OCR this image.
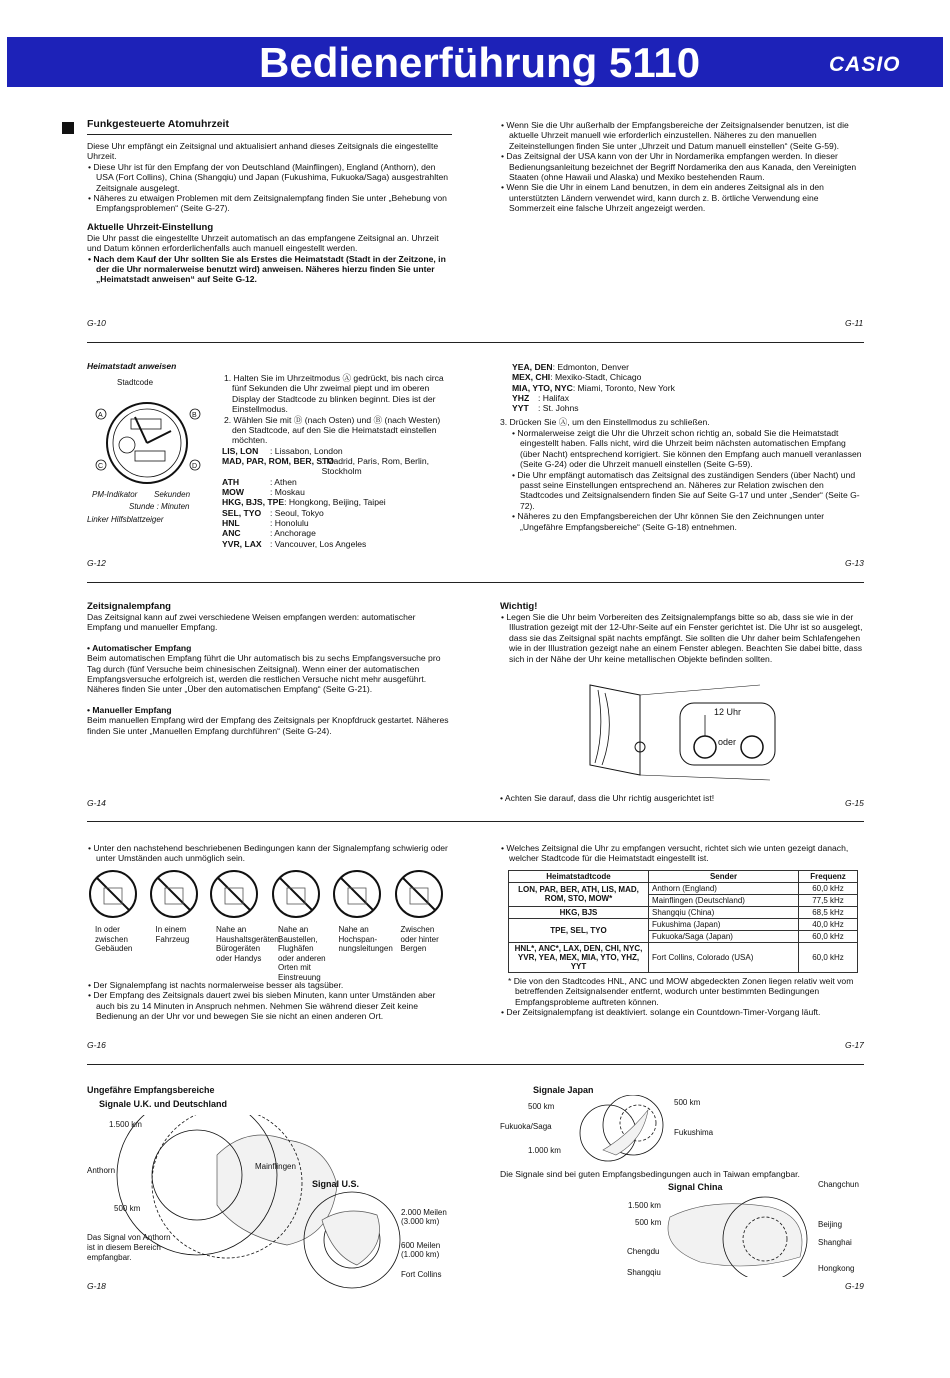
Bedienerführung 5110	CASIO
Funkgesteuerte Atomuhrzeit
Diese Uhr empfängt ein Zeitsignal und aktualisiert anhand dieses Zeitsignals die eingestellte Uhrzeit.
• Diese Uhr ist für den Empfang der von Deutschland (Mainflingen), England (Anthorn), den USA (Fort Collins), China (Shangqiu) und Japan (Fukushima, Fukuoka/Saga) ausgestrahlten Zeitsignale ausgelegt.
• Näheres zu etwaigen Problemen mit dem Zeitsignalempfang finden Sie unter „Behebung von Empfangsproblemen“ (Seite G-27).
Aktuelle Uhrzeit-Einstellung
Die Uhr passt die eingestellte Uhrzeit automatisch an das empfangene Zeitsignal an. Uhrzeit und Datum können erforderlichenfalls auch manuell eingestellt werden.
• Nach dem Kauf der Uhr sollten Sie als Erstes die Heimatstadt (Stadt in der Zeitzone, in der die Uhr normalerweise benutzt wird) anweisen. Näheres hierzu finden Sie unter „Heimatstadt anweisen“ auf Seite G-12.
G-10
• Wenn Sie die Uhr außerhalb der Empfangsbereiche der Zeitsignalsender benutzen, ist die aktuelle Uhrzeit manuell wie erforderlich einzustellen. Näheres zu den manuellen Zeiteinstellungen finden Sie unter „Uhrzeit und Datum manuell einstellen“ (Seite G-59).
• Das Zeitsignal der USA kann von der Uhr in Nordamerika empfangen werden. In dieser Bedienungsanleitung bezeichnet der Begriff Nordamerika den aus Kanada, den Vereinigten Staaten (ohne Hawaii und Alaska) und Mexiko bestehenden Raum.
• Wenn Sie die Uhr in einem Land benutzen, in dem ein anderes Zeitsignal als in den unterstützten Ländern verwendet wird, kann durch z. B. örtliche Verwendung eine Sommerzeit eine falsche Uhrzeit angezeigt werden.
G-11
Heimatstadt anweisen
Stadtcode
A	B
C	D
PM-Indikator Sekunden
Stunde : Minuten
Linker Hilfsblattzeiger
1. Halten Sie im Uhrzeitmodus Ⓐ gedrückt, bis nach circa fünf Sekunden die Uhr zweimal piept und im oberen Display der Stadtcode zu blinken beginnt. Dies ist der Einstellmodus.
2. Wählen Sie mit Ⓓ (nach Osten) und Ⓑ (nach Westen) den Stadtcode, auf den Sie die Heimatstadt einstellen möchten.
LIS, LON	: Lissabon, London
MAD, PAR, ROM, BER, STO
: Madrid, Paris, Rom, Berlin, Stockholm
ATH	: Athen
MOW	: Moskau
HKG, BJS, TPE : Hongkong, Beijing, Taipei
SEL, TYO	: Seoul, Tokyo
HNL	: Honolulu
ANC	: Anchorage
YVR, LAX : Vancouver, Los Angeles
G-12
YEA, DEN : Edmonton, Denver
MEX, CHI : Mexiko-Stadt, Chicago
MIA, YTO, NYC : Miami, Toronto, New York
YHZ	: Halifax
YYT	: St. Johns
3. Drücken Sie Ⓐ, um den Einstellmodus zu schließen.
• Normalerweise zeigt die Uhr die Uhrzeit schon richtig an, sobald Sie die Heimatstadt eingestellt haben. Falls nicht, wird die Uhrzeit beim nächsten automatischen Empfang (über Nacht) entsprechend korrigiert. Sie können den Empfang auch manuell veranlassen (Seite G-24) oder die Uhrzeit manuell einstellen (Seite G-59).
• Die Uhr empfängt automatisch das Zeitsignal des zuständigen Senders (über Nacht) und passt seine Einstellungen entsprechend an. Näheres zur Relation zwischen den Stadtcodes und Zeitsignalsendern finden Sie auf Seite G-17 und unter „Sender“ (Seite G-72).
• Näheres zu den Empfangsbereichen der Uhr können Sie den Zeichnungen unter „Ungefähre Empfangsbereiche“ (Seite G-18) entnehmen.
G-13
Zeitsignalempfang
Das Zeitsignal kann auf zwei verschiedene Weisen empfangen werden: automatischer Empfang und manueller Empfang.
• Automatischer Empfang
Beim automatischen Empfang führt die Uhr automatisch bis zu sechs Empfangsversuche pro Tag durch (fünf Versuche beim chinesischen Zeitsignal). Wenn einer der automatischen Empfangsversuche erfolgreich ist, werden die restlichen Versuche nicht mehr ausgeführt. Näheres finden Sie unter „Über den automatischen Empfang“ (Seite G-21).
• Manueller Empfang
Beim manuellen Empfang wird der Empfang des Zeitsignals per Knopfdruck gestartet. Näheres finden Sie unter „Manuellen Empfang durchführen“ (Seite G-24).
G-14
Wichtig!
• Legen Sie die Uhr beim Vorbereiten des Zeitsignalempfangs bitte so ab, dass sie wie in der Illustration gezeigt mit der 12-Uhr-Seite auf ein Fenster gerichtet ist. Die Uhr ist so ausgelegt, dass sie das Zeitsignal spät nachts empfängt. Sie sollten die Uhr daher beim Schlafengehen wie in der Illustration gezeigt nahe an einem Fenster ablegen. Beachten Sie dabei bitte, dass sich in der Nähe der Uhr keine metallischen Objekte befinden sollten.
12 Uhr
oder
• Achten Sie darauf, dass die Uhr richtig ausgerichtet ist!	G-15
• Unter den nachstehend beschriebenen Bedingungen kann der Signalempfang schwierig oder unter Umständen auch unmöglich sein.
In oder zwischen Gebäuden
In einem Fahrzeug
Nahe an Haushaltsgeräten, Bürogeräten oder Handys
Nahe an Baustellen, Flughäfen oder anderen Orten mit Einstreuung
Nahe an Hochspan-nungsleitungen
Zwischen oder hinter Bergen
• Der Signalempfang ist nachts normalerweise besser als tagsüber.
• Der Empfang des Zeitsignals dauert zwei bis sieben Minuten, kann unter Umständen aber auch bis zu 14 Minuten in Anspruch nehmen. Nehmen Sie während dieser Zeit keine Bedienung an der Uhr vor und bewegen Sie sie nicht an einen anderen Ort.
G-16
• Welches Zeitsignal die Uhr zu empfangen versucht, richtet sich wie unten gezeigt danach, welcher Stadtcode für die Heimatstadt eingestellt ist.
Heimatstadtcode	Sender	Frequenz
LON, PAR, BER, ATH, LIS, MAD, ROM, STO, MOW*	Anthorn (England)	60,0 kHz
	Mainflingen (Deutschland)	77,5 kHz
HKG, BJS	Shangqiu (China)	68,5 kHz
TPE, SEL, TYO	Fukushima (Japan)	40,0 kHz
	Fukuoka/Saga (Japan)	60,0 kHz
HNL*, ANC*, LAX, DEN, CHI, NYC, YVR, YEA, MEX, MIA, YTO, YHZ, YYT	Fort Collins, Colorado (USA)	60,0 kHz
* Die von den Stadtcodes HNL, ANC und MOW abgedeckten Zonen liegen relativ weit vom betreffenden Zeitsignalsender entfernt, wodurch unter bestimmten Bedingungen Empfangsprobleme auftreten können.
• Der Zeitsignalempfang ist deaktiviert. solange ein Countdown-Timer-Vorgang läuft.
G-17
Ungefähre Empfangsbereiche
Signale U.K. und Deutschland
1.500 km
Anthorn	Mainflingen
500 km
Das Signal von Anthorn
ist in diesem Bereich
empfangbar.
Signal U.S.
2.000 Meilen
(3.000 km)
600 Meilen
(1.000 km)
Fort Collins
G-18
Signale Japan
500 km	500 km
Fukuoka/Saga
Fukushima
1.000 km
Die Signale sind bei guten Empfangsbedingungen auch in Taiwan empfangbar.
Signal China
1.500 km
500 km
Changchun
Beijing
Shanghai
Chengdu
Hongkong
Shangqiu
G-19
